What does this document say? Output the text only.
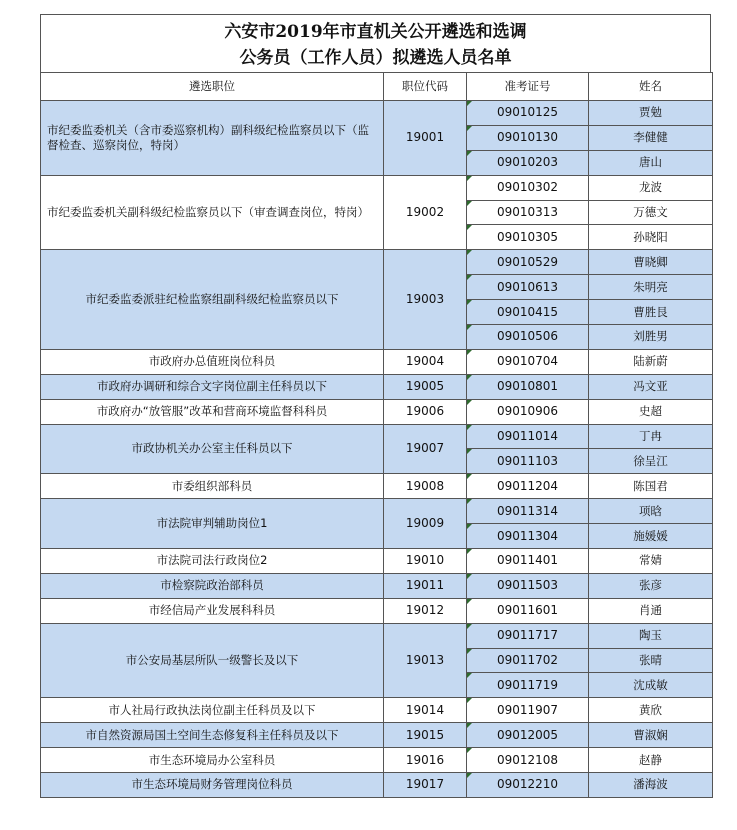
六安市2019年市直机关公开遴选和选调
公务员（工作人员）拟遴选人员名单
遴选职位	职位代码	准考证号	姓名
市纪委监委机关（含市委巡察机构）副科级纪检监察员以下（监督检查、巡察岗位，特岗）	19001	09010125	贾勉
		09010130	李健健
		09010203	唐山
市纪委监委机关副科级纪检监察员以下（审查调查岗位，特岗）	19002	09010302	龙波
		09010313	万德文
		09010305	孙晓阳
市纪委监委派驻纪检监察组副科级纪检监察员以下	19003	09010529	曹晓卿
		09010613	朱明亮
		09010415	曹胜艮
		09010506	刘胜男
市政府办总值班岗位科员	19004	09010704	陆新蔚
市政府办调研和综合文字岗位副主任科员以下	19005	09010801	冯文亚
市政府办“放管服”改革和营商环境监督科科员	19006	09010906	史超
市政协机关办公室主任科员以下	19007	09011014	丁冉
		09011103	徐呈江
市委组织部科员	19008	09011204	陈国君
市法院审判辅助岗位1	19009	09011314	项晗
		09011304	施媛媛
市法院司法行政岗位2	19010	09011401	常婧
市检察院政治部科员	19011	09011503	张彦
市经信局产业发展科科员	19012	09011601	肖通
市公安局基层所队一级警长及以下	19013	09011717	陶玉
		09011702	张晴
		09011719	沈成敏
市人社局行政执法岗位副主任科员及以下	19014	09011907	黄欣
市自然资源局国土空间生态修复科主任科员及以下	19015	09012005	曹淑娴
市生态环境局办公室科员	19016	09012108	赵静
市生态环境局财务管理岗位科员	19017	09012210	潘海波
